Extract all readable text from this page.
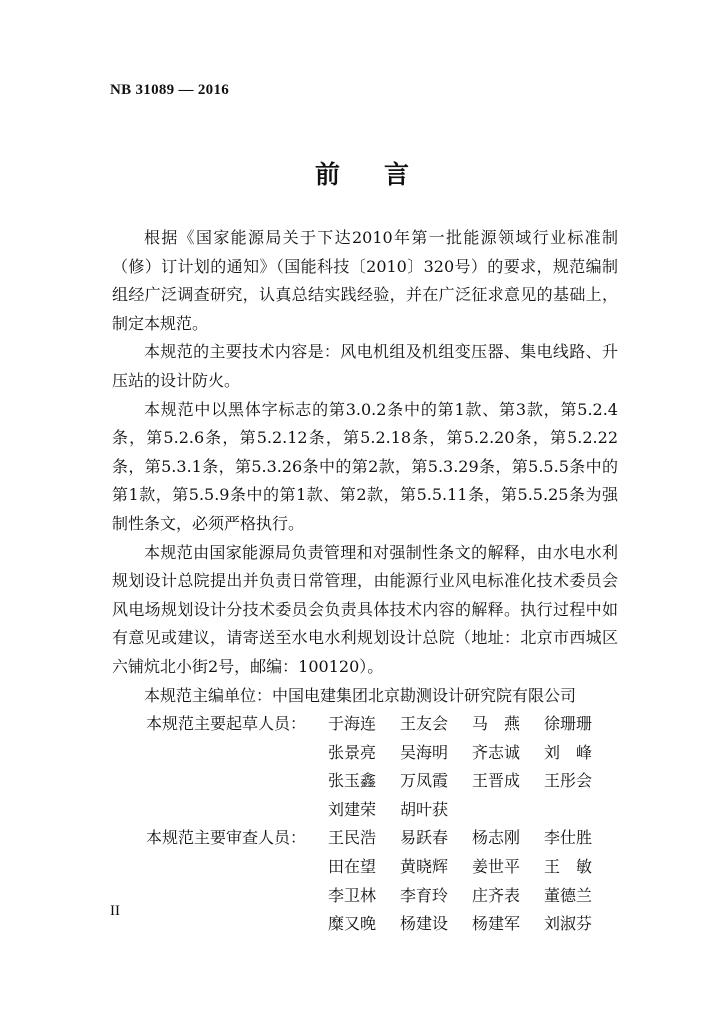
NB 31089 — 2016
前言

根据《国家能源局关于下达2010年第一批能源领域行业标准制（修）订计划的通知》（国能科技〔2010〕320号）的要求，规范编制组经广泛调查研究，认真总结实践经验，并在广泛征求意见的基础上，制定本规范。

本规范的主要技术内容是：风电机组及机组变压器、集电线路、升压站的设计防火。

本规范中以黑体字标志的第3.0.2条中的第1款、第3款，第5.2.4条，第5.2.6条，第5.2.12条，第5.2.18条，第5.2.20条，第5.2.22条，第5.3.1条，第5.3.26条中的第2款，第5.3.29条，第5.5.5条中的第1款，第5.5.9条中的第1款、第2款，第5.5.11条，第5.5.25条为强制性条文，必须严格执行。

本规范由国家能源局负责管理和对强制性条文的解释，由水电水利规划设计总院提出并负责日常管理，由能源行业风电标准化技术委员会风电场规划设计分技术委员会负责具体技术内容的解释。执行过程中如有意见或建议，请寄送至水电水利规划设计总院（地址：北京市西城区六铺炕北小街2号，邮编：100120）。

本规范主编单位：中国电建集团北京勘测设计研究院有限公司

本规范主要起草人员：	于海连	王友会	马　燕	徐珊珊
张景亮	吴海明	齐志诚	刘　峰
张玉鑫	万凤霞	王晋成	王彤会
刘建荣	胡叶获
本规范主要审查人员：	王民浩	易跃春	杨志刚	李仕胜
田在望	黄晓辉	姜世平	王　敏
李卫林	李育玲	庄齐表	董德兰
糜又晚	杨建设	杨建军	刘淑芬
II
